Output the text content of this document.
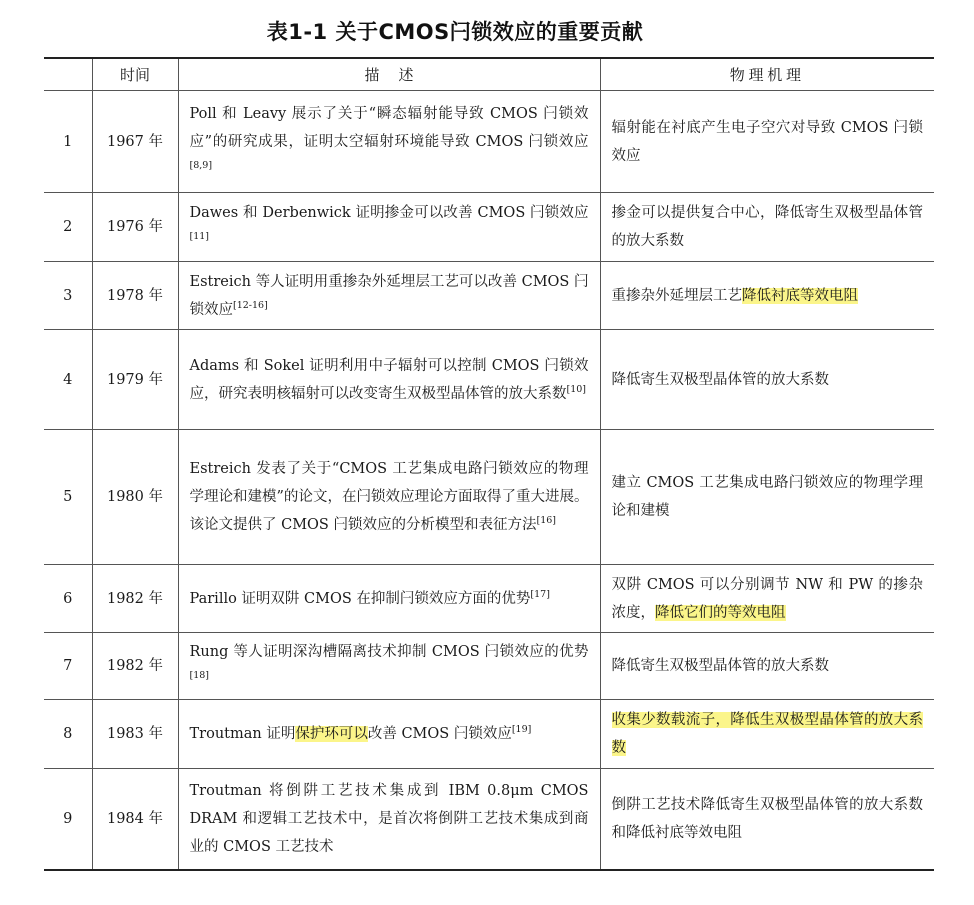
表1-1 关于CMOS闩锁效应的重要贡献
	时间	描    述	物理机理
1	1967 年	Poll 和 Leavy 展示了关于“瞬态辐射能导致 CMOS 闩锁效应”的研究成果，证明太空辐射环境能导致 CMOS 闩锁效应[8,9]	辐射能在衬底产生电子空穴对导致 CMOS 闩锁效应
2	1976 年	Dawes 和 Derbenwick 证明掺金可以改善 CMOS 闩锁效应[11]	掺金可以提供复合中心，降低寄生双极型晶体管的放大系数
3	1978 年	Estreich 等人证明用重掺杂外延埋层工艺可以改善 CMOS 闩锁效应[12-16]	重掺杂外延埋层工艺降低衬底等效电阻
4	1979 年	Adams 和 Sokel 证明利用中子辐射可以控制 CMOS 闩锁效应，研究表明核辐射可以改变寄生双极型晶体管的放大系数[10]	降低寄生双极型晶体管的放大系数
5	1980 年	Estreich 发表了关于“CMOS 工艺集成电路闩锁效应的物理学理论和建模”的论文，在闩锁效应理论方面取得了重大进展。该论文提供了 CMOS 闩锁效应的分析模型和表征方法[16]	建立 CMOS 工艺集成电路闩锁效应的物理学理论和建模
6	1982 年	Parillo 证明双阱 CMOS 在抑制闩锁效应方面的优势[17]	双阱 CMOS 可以分别调节 NW 和 PW 的掺杂浓度，降低它们的等效电阻
7	1982 年	Rung 等人证明深沟槽隔离技术抑制 CMOS 闩锁效应的优势[18]	降低寄生双极型晶体管的放大系数
8	1983 年	Troutman 证明保护环可以改善 CMOS 闩锁效应[19]	收集少数载流子，降低生双极型晶体管的放大系数
9	1984 年	Troutman 将倒阱工艺技术集成到 IBM 0.8μm CMOS DRAM 和逻辑工艺技术中，是首次将倒阱工艺技术集成到商业的 CMOS 工艺技术	倒阱工艺技术降低寄生双极型晶体管的放大系数和降低衬底等效电阻
